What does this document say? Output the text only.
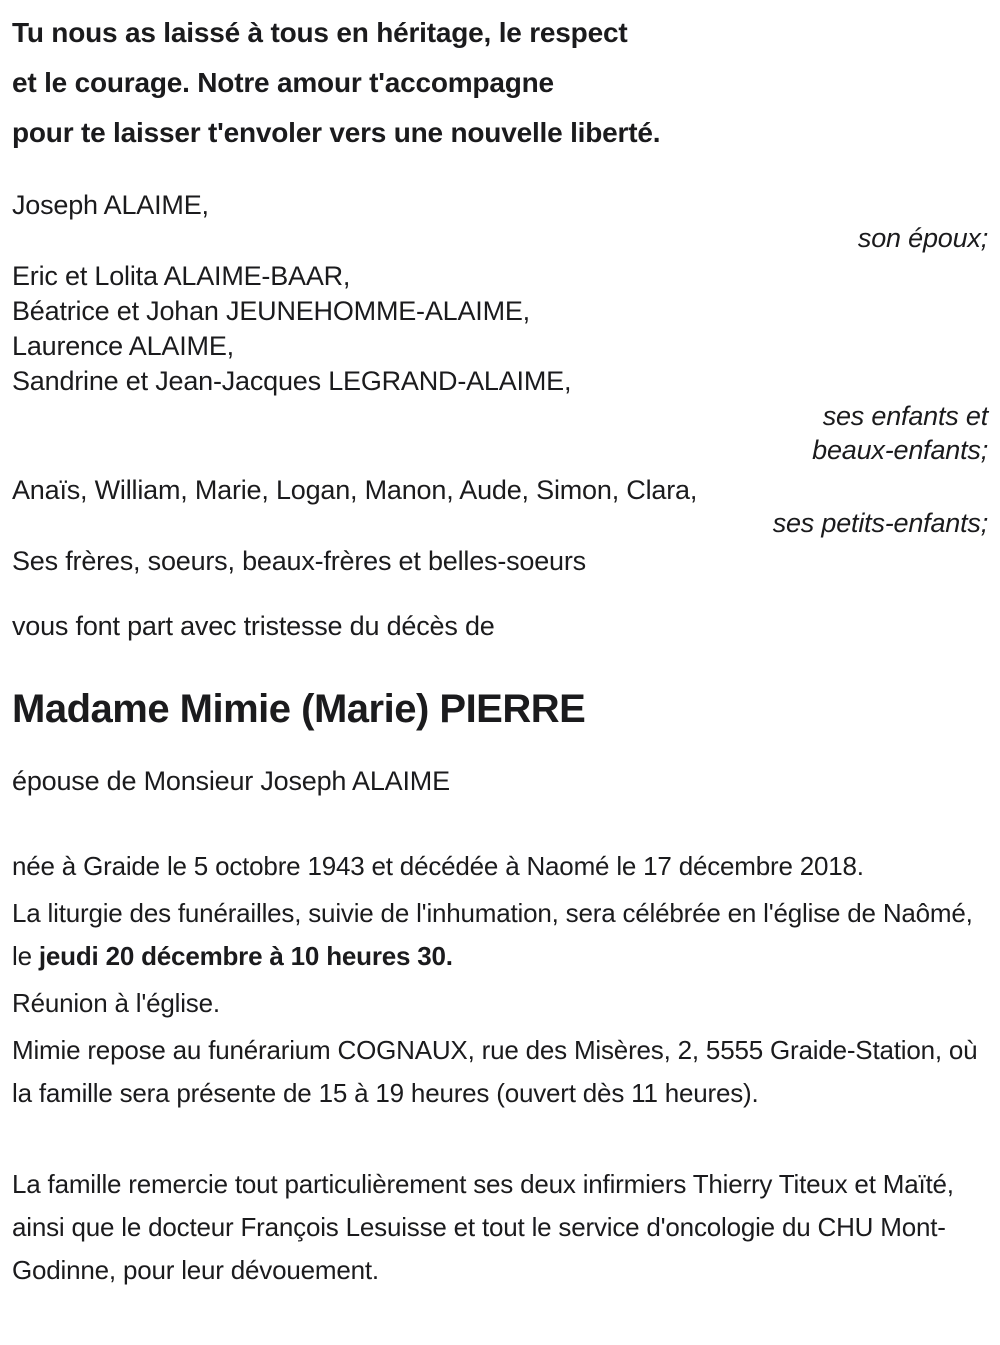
Tu nous as laissé à tous en héritage, le respect
et le courage. Notre amour t'accompagne
pour te laisser t'envoler vers une nouvelle liberté.
Joseph ALAIME,
son époux;
Eric et Lolita ALAIME-BAAR,
Béatrice et Johan JEUNEHOMME-ALAIME,
Laurence ALAIME,
Sandrine et Jean-Jacques LEGRAND-ALAIME,
ses enfants et
beaux-enfants;
Anaïs, William, Marie, Logan, Manon, Aude, Simon, Clara,
ses petits-enfants;
Ses frères, soeurs, beaux-frères et belles-soeurs
vous font part avec tristesse du décès de
Madame Mimie (Marie) PIERRE
épouse de Monsieur Joseph ALAIME

née à Graide le 5 octobre 1943 et décédée à Naomé le 17 décembre 2018.

La liturgie des funérailles, suivie de l'inhumation, sera célébrée en l'église de Naômé, le jeudi 20 décembre à 10 heures 30.

Réunion à l'église.

Mimie repose au funérarium COGNAUX, rue des Misères, 2, 5555 Graide-Station, où la famille sera présente de 15 à 19 heures (ouvert dès 11 heures).

La famille remercie tout particulièrement ses deux infirmiers Thierry Titeux et Maïté, ainsi que le docteur François Lesuisse et tout le service d'oncologie du CHU Mont-Godinne, pour leur dévouement.
